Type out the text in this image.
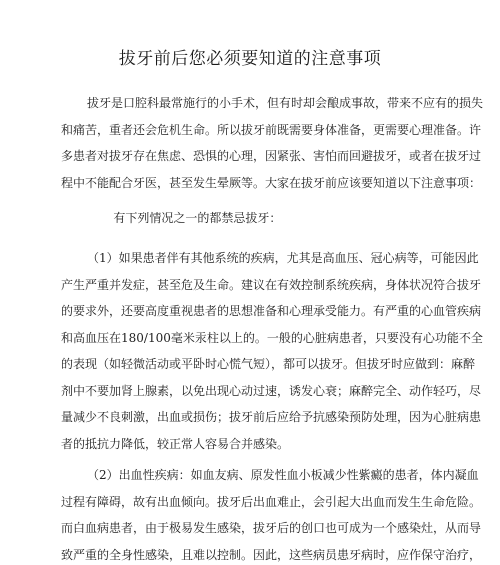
拔牙前后您必须要知道的注意事项
拔牙是口腔科最常施行的小手术，但有时却会酿成事故，带来不应有的损失
和痛苦，重者还会危机生命。所以拔牙前既需要身体准备，更需要心理准备。许
多患者对拔牙存在焦虑、恐惧的心理，因紧张、害怕而回避拔牙，或者在拔牙过
程中不能配合牙医，甚至发生晕厥等。大家在拔牙前应该要知道以下注意事项：
有下列情况之一的都禁忌拔牙：
（1）如果患者伴有其他系统的疾病，尤其是高血压、冠心病等，可能因此
产生严重并发症，甚至危及生命。建议在有效控制系统疾病，身体状况符合拔牙
的要求外，还要高度重视患者的思想准备和心理承受能力。有严重的心血管疾病
和高血压在180/100毫米汞柱以上的。一般的心脏病患者，只要没有心功能不全
的表现（如轻微活动或平卧时心慌气短），都可以拔牙。但拔牙时应做到：麻醉
剂中不要加肾上腺素，以免出现心动过速，诱发心衰；麻醉完全、动作轻巧，尽
量减少不良刺激，出血或损伤；拔牙前后应给予抗感染预防处理，因为心脏病患
者的抵抗力降低，较正常人容易合并感染。
（2）出血性疾病：如血友病、原发性血小板减少性紫癜的患者，体内凝血
过程有障碍，故有出血倾向。拔牙后出血难止，会引起大出血而发生生命危险。
而白血病患者，由于极易发生感染，拔牙后的创口也可成为一个感染灶，从而导
致严重的全身性感染，且难以控制。因此，这些病员患牙病时，应作保守治疗，
